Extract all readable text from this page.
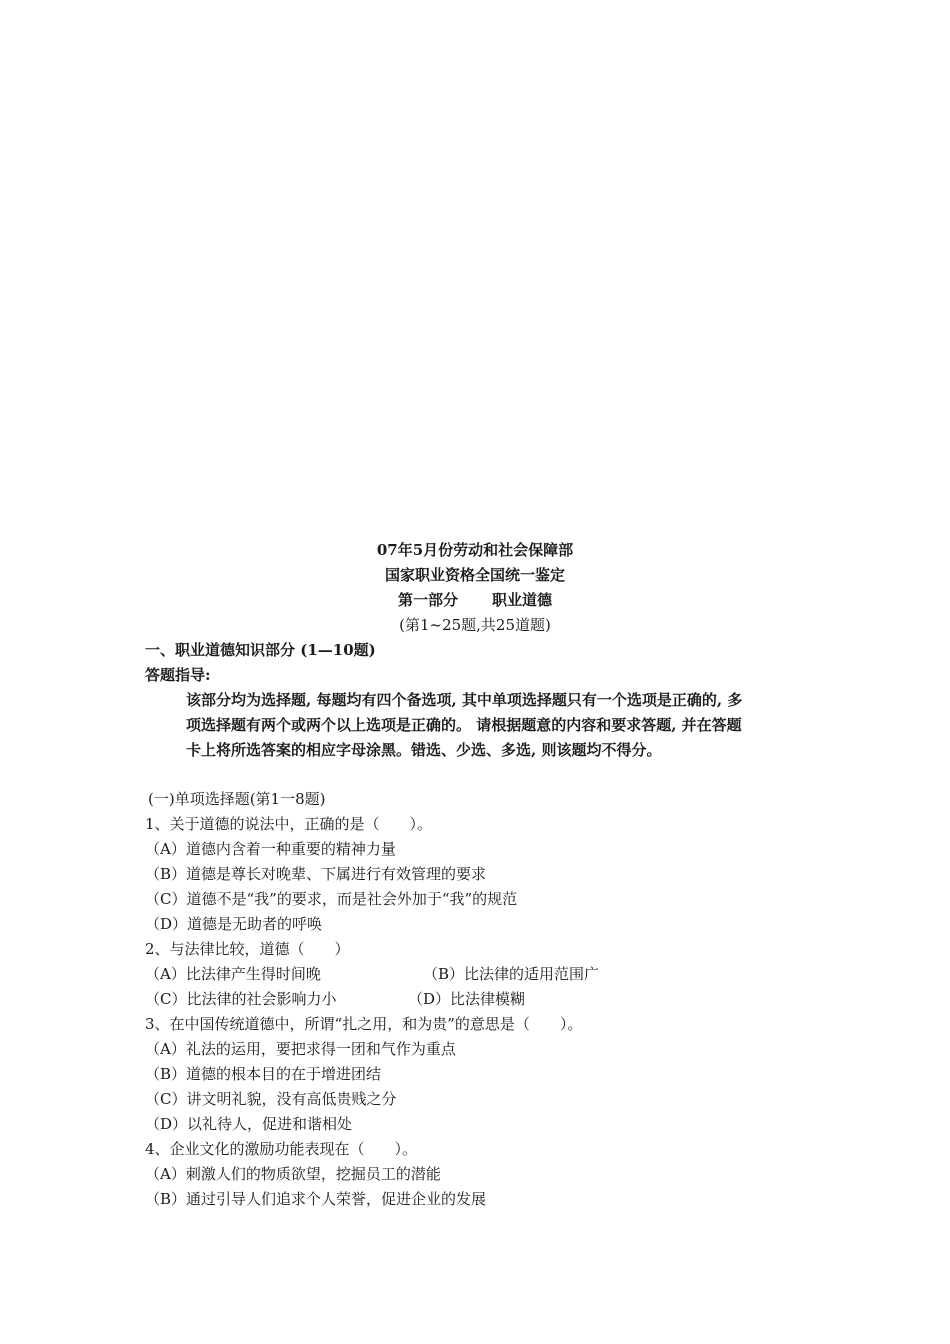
07年5月份劳动和社会保障部
国家职业资格全国统一鉴定
第一部分 职业道德
(第1~25题,共25道题)
一、职业道德知识部分 (1—10题)
答题指导:
该部分均为选择题, 每题均有四个备选项, 其中单项选择题只有一个选项是正确的, 多
项选择题有两个或两个以上选项是正确的。 请根据题意的内容和要求答题, 并在答题
卡上将所选答案的相应字母涂黑。错选、少选、多选, 则该题均不得分。
(一)单项选择题(第1一8题)
1、关于道德的说法中，正确的是（　　）。
（A）道德内含着一种重要的精神力量
（B）道德是尊长对晚辈、下属进行有效管理的要求
（C）道德不是“我”的要求，而是社会外加于“我”的规范
（D）道德是无助者的呼唤
2、与法律比较，道德（　　）
（A）比法律产生得时间晚	（B）比法律的适用范围广
（C）比法律的社会影响力小	（D）比法律模糊
3、在中国传统道德中，所谓“扎之用，和为贵”的意思是（　　）。
（A）礼法的运用，要把求得一团和气作为重点
（B）道德的根本目的在于增进团结
（C）讲文明礼貌，没有高低贵贱之分
（D）以礼待人，促进和谐相处
4、企业文化的激励功能表现在（　　）。
（A）刺激人们的物质欲望，挖掘员工的潜能
（B）通过引导人们追求个人荣誉，促进企业的发展
